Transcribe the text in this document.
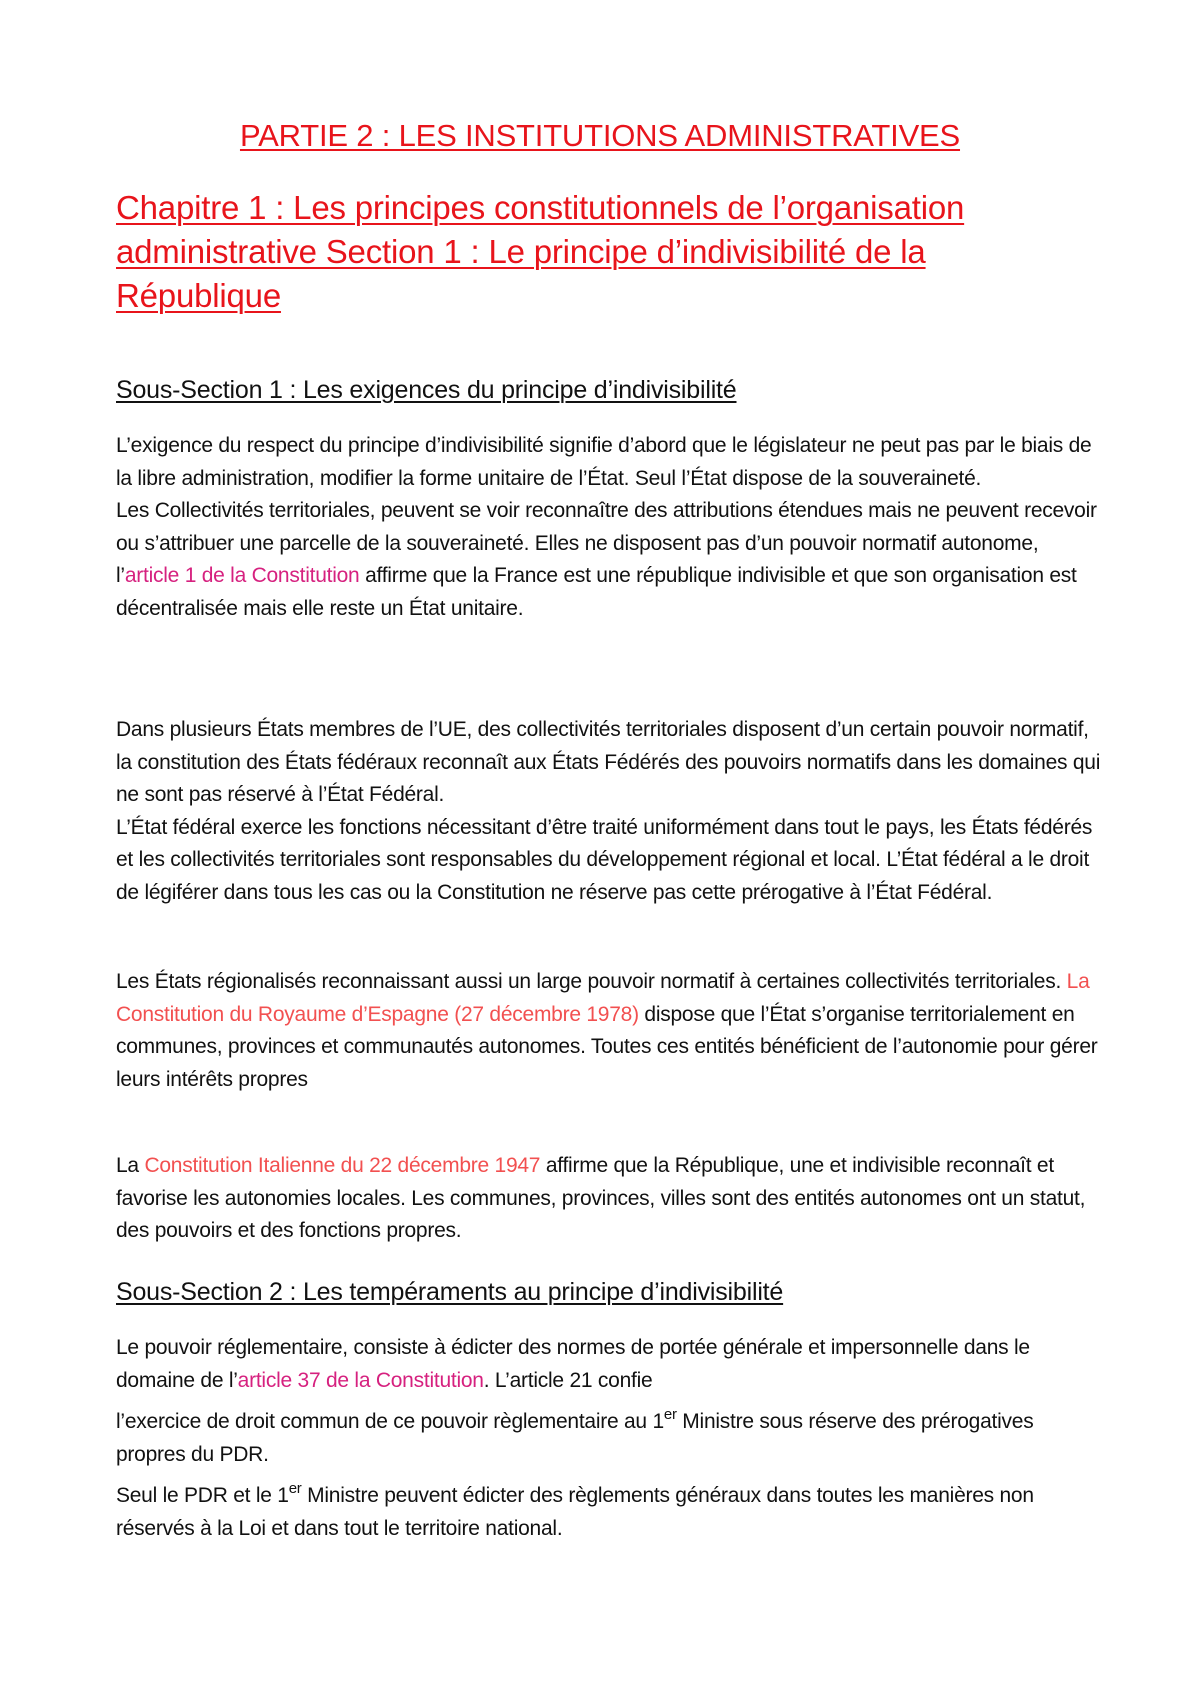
PARTIE 2 : LES INSTITUTIONS ADMINISTRATIVES
Chapitre 1 : Les principes constitutionnels de l’organisation administrative Section 1 : Le principe d’indivisibilité de la République
Sous-Section 1 : Les exigences du principe d’indivisibilité

L’exigence du respect du principe d’indivisibilité signifie d’abord que le législateur ne peut pas par le biais de la libre administration, modifier la forme unitaire de l’État. Seul l’État dispose de la souveraineté.
Les Collectivités territoriales, peuvent se voir reconnaître des attributions étendues mais ne peuvent recevoir ou s’attribuer une parcelle de la souveraineté. Elles ne disposent pas d’un pouvoir normatif autonome, l’article 1 de la Constitution affirme que la France est une république indivisible et que son organisation est décentralisée mais elle reste un État unitaire.

Dans plusieurs États membres de l’UE, des collectivités territoriales disposent d’un certain pouvoir normatif, la constitution des États fédéraux reconnaît aux États Fédérés des pouvoirs normatifs dans les domaines qui ne sont pas réservé à l’État Fédéral.
L’État fédéral exerce les fonctions nécessitant d’être traité uniformément dans tout le pays, les États fédérés et les collectivités territoriales sont responsables du développement régional et local. L’État fédéral a le droit de légiférer dans tous les cas ou la Constitution ne réserve pas cette prérogative à l’État Fédéral.

Les États régionalisés reconnaissant aussi un large pouvoir normatif à certaines collectivités territoriales. La Constitution du Royaume d’Espagne (27 décembre 1978) dispose que l’État s’organise territorialement en communes, provinces et communautés autonomes. Toutes ces entités bénéficient de l’autonomie pour gérer leurs intérêts propres

La Constitution Italienne du 22 décembre 1947 affirme que la République, une et indivisible reconnaît et favorise les autonomies locales. Les communes, provinces, villes sont des entités autonomes ont un statut, des pouvoirs et des fonctions propres.

Sous-Section 2 : Les tempéraments au principe d’indivisibilité

Le pouvoir réglementaire, consiste à édicter des normes de portée générale et impersonnelle dans le domaine de l’article 37 de la Constitution. L’article 21 confie

l’exercice de droit commun de ce pouvoir règlementaire au 1er Ministre sous réserve des prérogatives propres du PDR.

Seul le PDR et le 1er Ministre peuvent édicter des règlements généraux dans toutes les manières non réservés à la Loi et dans tout le territoire national.
